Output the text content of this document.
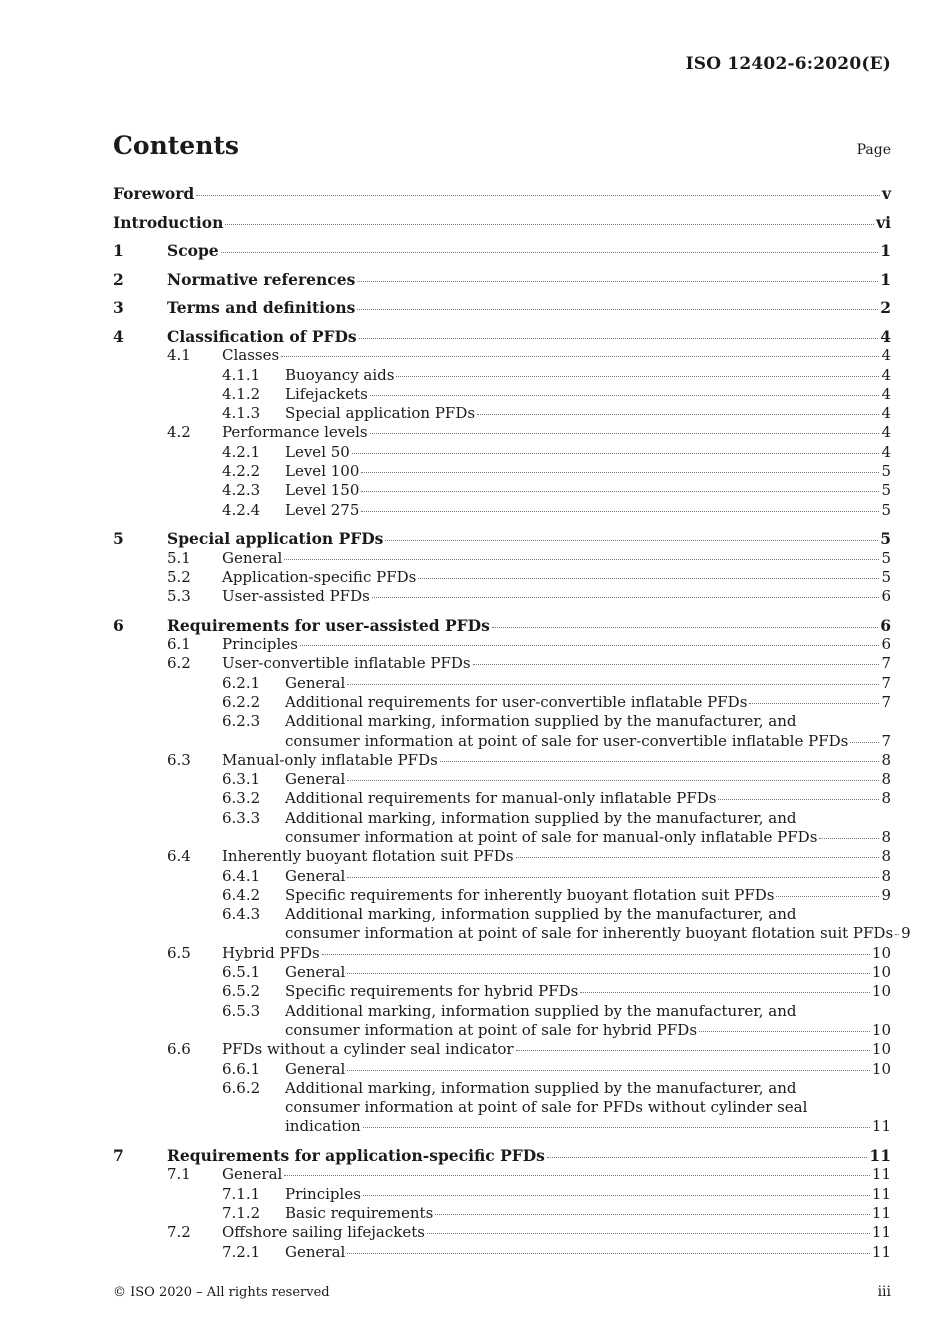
ISO 12402-6:2020(E)
Contents	Page
Foreword	v
Introduction	vi
1	Scope	1
2	Normative references	1
3	Terms and definitions	2
4	Classification of PFDs	4
4.1 Classes	4
4.1.1 Buoyancy aids	4
4.1.2 Lifejackets	4
4.1.3 Special application PFDs	4
4.2 Performance levels	4
4.2.1 Level 50	4
4.2.2 Level 100	5
4.2.3 Level 150	5
4.2.4 Level 275	5
5	Special application PFDs	5
5.1 General	5
5.2 Application-specific PFDs	5
5.3 User-assisted PFDs	6
6	Requirements for user-assisted PFDs	6
6.1 Principles	6
6.2 User-convertible inflatable PFDs	7
6.2.1 General	7
6.2.2 Additional requirements for user-convertible inflatable PFDs	7
6.2.3 Additional marking, information supplied by the manufacturer, and
consumer information at point of sale for user-convertible inflatable PFDs 7
6.3 Manual-only inflatable PFDs	8
6.3.1 General	8
6.3.2 Additional requirements for manual-only inflatable PFDs	8
6.3.3 Additional marking, information supplied by the manufacturer, and
consumer information at point of sale for manual-only inflatable PFDs	8
6.4 Inherently buoyant flotation suit PFDs	8
6.4.1 General	8
6.4.2 Specific requirements for inherently buoyant flotation suit PFDs	9
6.4.3 Additional marking, information supplied by the manufacturer, and
consumer information at point of sale for inherently buoyant flotation suit PFDs 9
6.5 Hybrid PFDs	10
6.5.1 General	10
6.5.2 Specific requirements for hybrid PFDs	10
6.5.3 Additional marking, information supplied by the manufacturer, and
consumer information at point of sale for hybrid PFDs	10
6.6 PFDs without a cylinder seal indicator	10
6.6.1 General	10
6.6.2 Additional marking, information supplied by the manufacturer, and
consumer information at point of sale for PFDs without cylinder seal
indication	11
7	Requirements for application-specific PFDs	11
7.1 General	11
7.1.1 Principles	11
7.1.2 Basic requirements	11
7.2 Offshore sailing lifejackets	11
7.2.1 General	11
© ISO 2020 – All rights reserved	iii
